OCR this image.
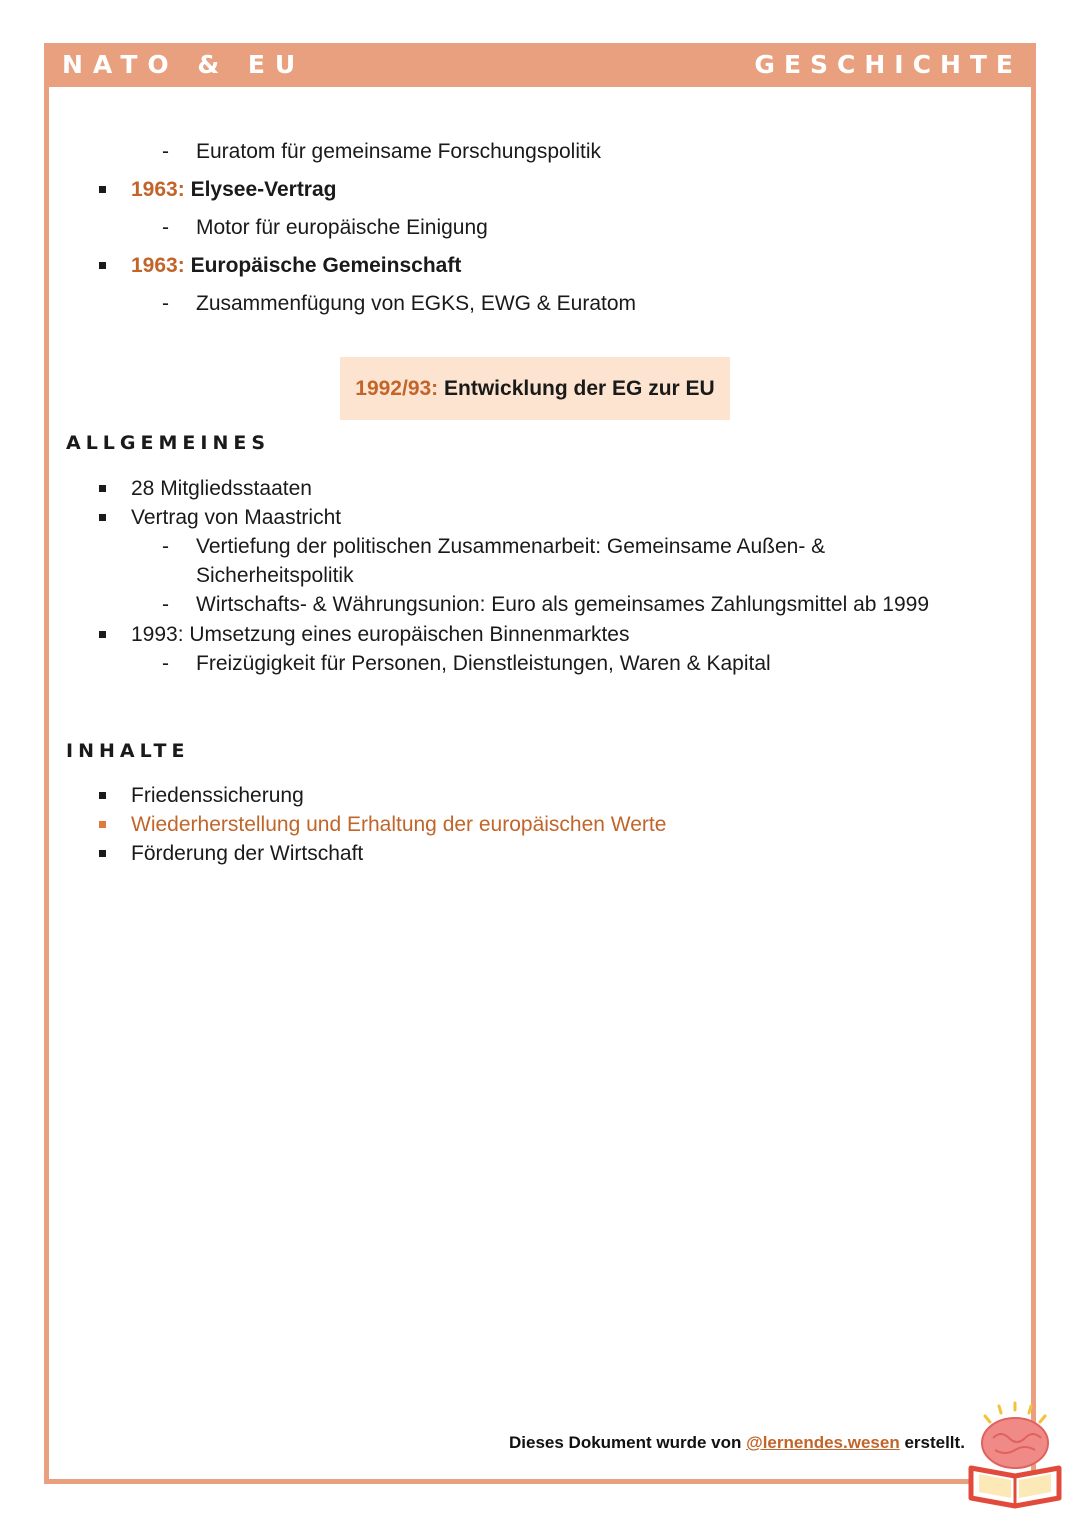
NATO & EU	GESCHICHTE
- Euratom für gemeinsame Forschungspolitik
1963: Elysee-Vertrag
- Motor für europäische Einigung
1963: Europäische Gemeinschaft
- Zusammenfügung von EGKS, EWG & Euratom
1992/93: Entwicklung der EG zur EU
ALLGEMEINES
28 Mitgliedsstaaten
Vertrag von Maastricht
- Vertiefung der politischen Zusammenarbeit: Gemeinsame Außen- &
Sicherheitspolitik
- Wirtschafts- & Währungsunion: Euro als gemeinsames Zahlungsmittel ab 1999
1993: Umsetzung eines europäischen Binnenmarktes
- Freizügigkeit für Personen, Dienstleistungen, Waren & Kapital
INHALTE
Friedenssicherung
Wiederherstellung und Erhaltung der europäischen Werte
Förderung der Wirtschaft
Dieses Dokument wurde von @lernendes.wesen erstellt.
